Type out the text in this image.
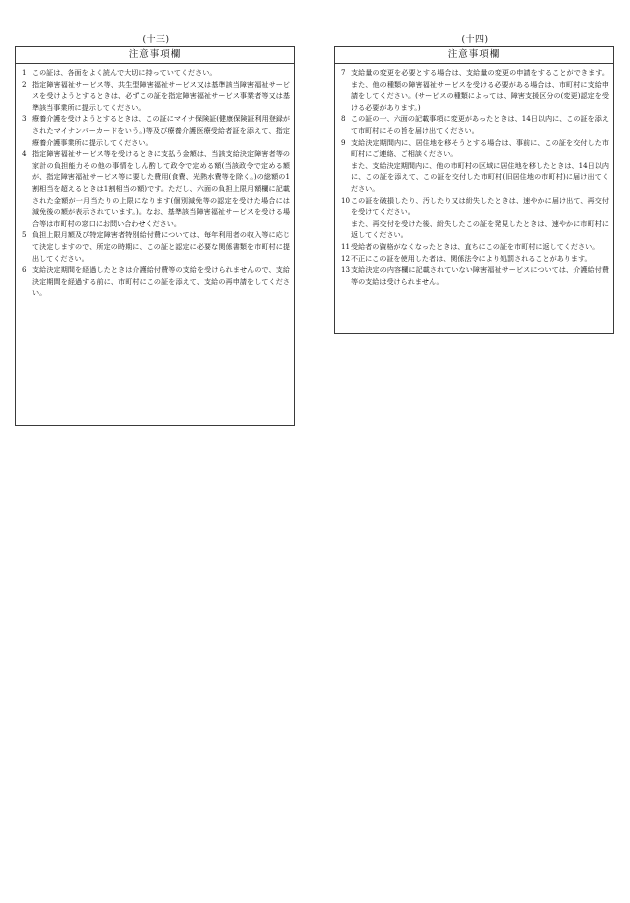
(十三)
注意事項欄
1 この証は、各面をよく読んで大切に持っていてください。
2 指定障害福祉サービス等、共生型障害福祉サービス又は基準該当障害福祉サービスを受けようとするときは、必ずこの証を指定障害福祉サービス事業者等又は基準該当事業所に提示してください。
3 療養介護を受けようとするときは、この証にマイナ保険証(健康保険証利用登録がされたマイナンバーカードをいう。)等及び療養介護医療受給者証を添えて、指定療養介護事業所に提示してください。
4 指定障害福祉サービス等を受けるときに支払う金額は、当該支給決定障害者等の家計の負担能力その他の事情をしん酌して政令で定める額(当該政令で定める額が、指定障害福祉サービス等に要した費用(食費、光熱水費等を除く。)の総額の1割相当を超えるときは1割相当の額)です。ただし、六面の負担上限月額欄に記載された金額が一月当たりの上限になります(個別減免等の認定を受けた場合には減免後の額が表示されています。)。なお、基準該当障害福祉サービスを受ける場合等は市町村の窓口にお問い合わせください。
5 負担上限月額及び特定障害者特別給付費については、毎年利用者の収入等に応じて決定しますので、所定の時期に、この証と認定に必要な関係書類を市町村に提出してください。
6 支給決定期間を経過したときは介護給付費等の支給を受けられませんので、支給決定期間を経過する前に、市町村にこの証を添えて、支給の再申請をしてください。
(十四)
注意事項欄
7 支給量の変更を必要とする場合は、支給量の変更の申請をすることができます。また、他の種類の障害福祉サービスを受ける必要がある場合は、市町村に支給申請をしてください。(サービスの種類によっては、障害支援区分の(変更)認定を受ける必要があります。)
8 この証の一、六面の記載事項に変更があったときは、14日以内に、この証を添えて市町村にその旨を届け出てください。
9 支給決定期間内に、居住地を移そうとする場合は、事前に、この証を交付した市町村にご連絡、ご相談ください。
また、支給決定期間内に、他の市町村の区域に居住地を移したときは、14日以内に、この証を添えて、この証を交付した市町村(旧居住地の市町村)に届け出てください。
10 この証を破損したり、汚したり又は紛失したときは、速やかに届け出て、再交付を受けてください。
また、再交付を受けた後、紛失したこの証を発見したときは、速やかに市町村に返してください。
11 受給者の資格がなくなったときは、直ちにこの証を市町村に返してください。
12 不正にこの証を使用した者は、関係法令により処罰されることがあります。
13 支給決定の内容欄に記載されていない障害福祉サービスについては、介護給付費等の支給は受けられません。
